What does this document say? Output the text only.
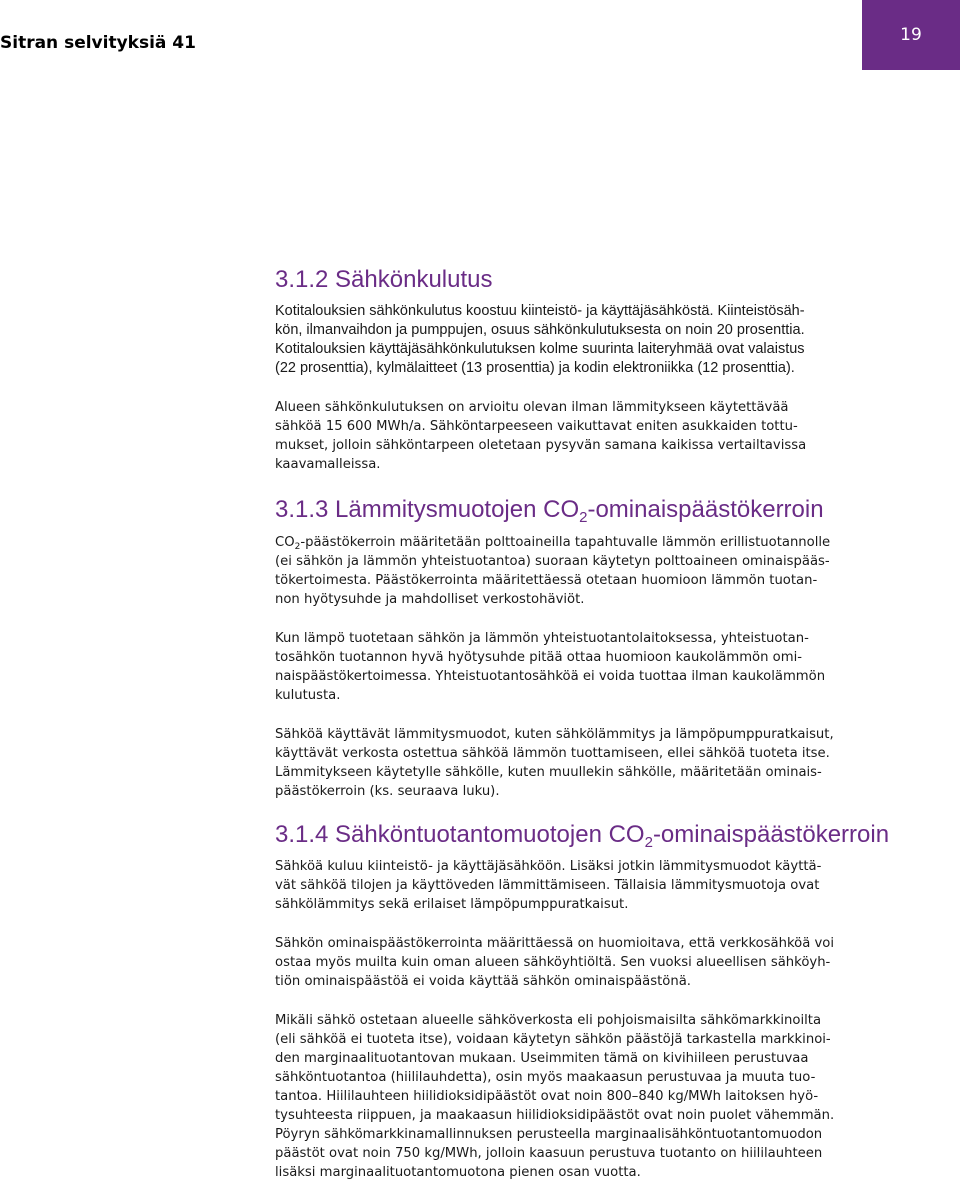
Sitran selvityksiä 41	19
3.1.2 Sähkönkulutus

Kotitalouksien sähkönkulutus koostuu kiinteistö- ja käyttäjäsähköstä. Kiinteistösäh-
kön, ilmanvaihdon ja pumppujen, osuus sähkönkulutuksesta on noin 20 prosenttia.
Kotitalouksien käyttäjäsähkönkulutuksen kolme suurinta laiteryhmää ovat valaistus
(22 prosenttia), kylmälaitteet (13 prosenttia) ja kodin elektroniikka (12 prosenttia).

Alueen sähkönkulutuksen on arvioitu olevan ilman lämmitykseen käytettävää
sähköä 15 600 MWh/a. Sähköntarpeeseen vaikuttavat eniten asukkaiden tottu-
mukset, jolloin sähköntarpeen oletetaan pysyvän samana kaikissa vertailtavissa
kaavamalleissa.

3.1.3 Lämmitysmuotojen $CO_2$-ominaispäästökerroin

$CO_2$-päästökerroin määritetään polttoaineilla tapahtuvalle lämmön erillistuotannolle
(ei sähkön ja lämmön yhteistuotantoa) suoraan käytetyn polttoaineen ominaispääs-
tökertoimesta. Päästökerrointa määritettäessä otetaan huomioon lämmön tuotan-
non hyötysuhde ja mahdolliset verkostohäviöt.

Kun lämpö tuotetaan sähkön ja lämmön yhteistuotantolaitoksessa, yhteistuotan-
tosähkön tuotannon hyvä hyötysuhde pitää ottaa huomioon kaukolämmön omi-
naispäästökertoimessa. Yhteistuotantosähköä ei voida tuottaa ilman kaukolämmön
kulutusta.

Sähköä käyttävät lämmitysmuodot, kuten sähkölämmitys ja lämpöpumppuratkaisut,
käyttävät verkosta ostettua sähköä lämmön tuottamiseen, ellei sähköä tuoteta itse.
Lämmitykseen käytetylle sähkölle, kuten muullekin sähkölle, määritetään ominais-
päästökerroin (ks. seuraava luku).

3.1.4 Sähköntuotantomuotojen $CO_2$-ominaispäästökerroin

Sähköä kuluu kiinteistö- ja käyttäjäsähköön. Lisäksi jotkin lämmitysmuodot käyttä-
vät sähköä tilojen ja käyttöveden lämmittämiseen. Tällaisia lämmitysmuotoja ovat
sähkölämmitys sekä erilaiset lämpöpumppuratkaisut.

Sähkön ominaispäästökerrointa määrittäessä on huomioitava, että verkkosähköä voi
ostaa myös muilta kuin oman alueen sähköyhtiöltä. Sen vuoksi alueellisen sähköyh-
tiön ominaispäästöä ei voida käyttää sähkön ominaispäästönä.

Mikäli sähkö ostetaan alueelle sähköverkosta eli pohjoismaisilta sähkömarkkinoilta
(eli sähköä ei tuoteta itse), voidaan käytetyn sähkön päästöjä tarkastella markkinoi-
den marginaalituotantovan mukaan. Useimmiten tämä on kivihiileen perustuvaa
sähköntuotantoa (hiililauhdetta), osin myös maakaasun perustuvaa ja muuta tuo-
tantoa. Hiililauhteen hiilidioksidipäästöt ovat noin 800–840 kg/MWh laitoksen hyö-
tysuhteesta riippuen, ja maakaasun hiilidioksidipäästöt ovat noin puolet vähemmän.
Pöyryn sähkömarkkinamallinnuksen perusteella marginaalisähköntuotantomuodon
päästöt ovat noin 750 kg/MWh, jolloin kaasuun perustuva tuotanto on hiililauhteen
lisäksi marginaalituotantomuotona pienen osan vuotta.
